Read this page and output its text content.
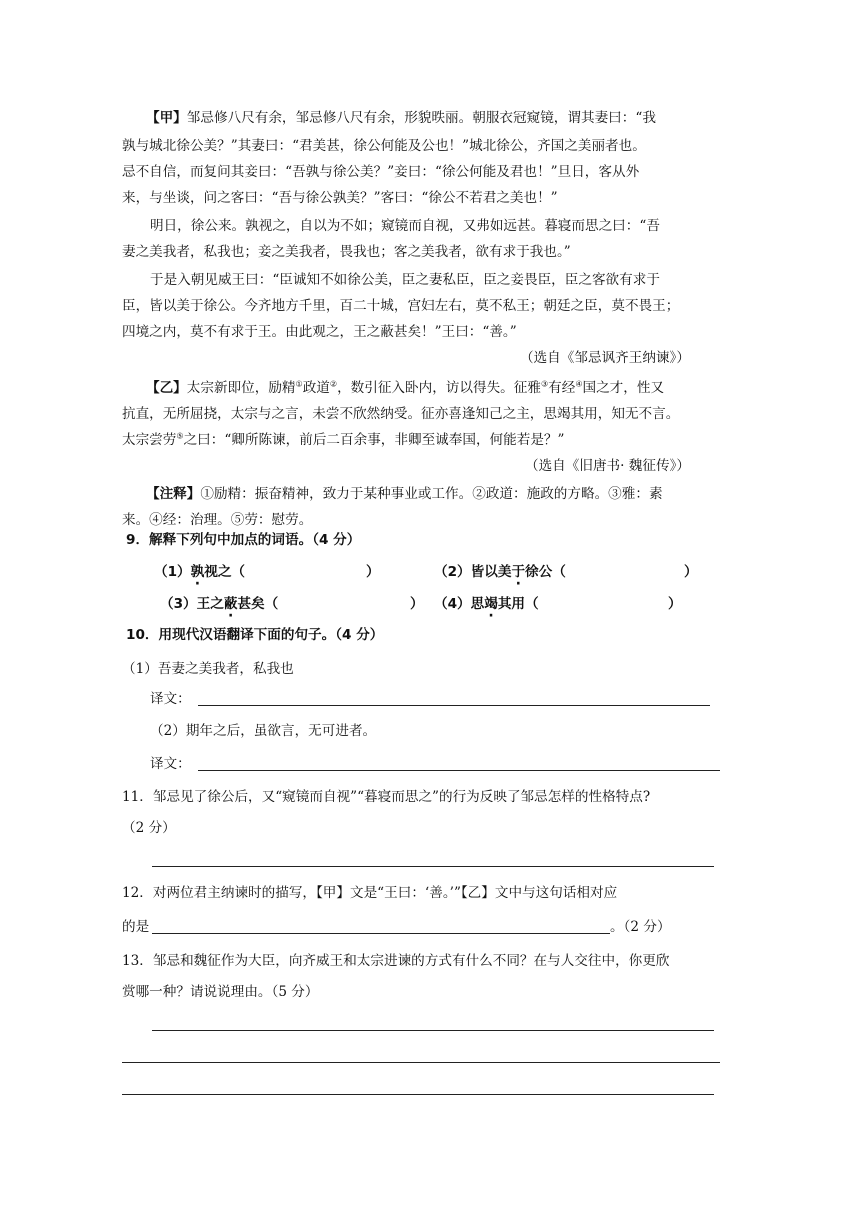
【甲】邹忌修八尺有余，邹忌修八尺有余，形貌昳丽。朝服衣冠窥镜，谓其妻曰：“我
孰与城北徐公美？”其妻曰：“君美甚，徐公何能及公也！”城北徐公，齐国之美丽者也。
忌不自信，而复问其妾曰：“吾孰与徐公美？”妾曰：“徐公何能及君也！”旦日，客从外
来，与坐谈，问之客曰：“吾与徐公孰美？”客曰：“徐公不若君之美也！”
明日，徐公来。孰视之，自以为不如；窥镜而自视，又弗如远甚。暮寝而思之曰：“吾
妻之美我者，私我也；妾之美我者，畏我也；客之美我者，欲有求于我也。”
于是入朝见威王曰：“臣诚知不如徐公美，臣之妻私臣，臣之妾畏臣，臣之客欲有求于
臣，皆以美于徐公。今齐地方千里，百二十城，宫妇左右，莫不私王；朝廷之臣，莫不畏王；
四境之内，莫不有求于王。由此观之，王之蔽甚矣！”王曰：“善。”
（选自《邹忌讽齐王纳谏》）
【乙】太宗新即位，励精①政道②，数引征入卧内，访以得失。征雅③有经④国之才，性又
抗直，无所屈挠，太宗与之言，未尝不欣然纳受。征亦喜逢知己之主，思竭其用，知无不言。
太宗尝劳⑤之曰：“卿所陈谏，前后二百余事，非卿至诚奉国，何能若是？”
（选自《旧唐书· 魏征传》）
【注释】①励精：振奋精神，致力于某种事业或工作。②政道：施政的方略。③雅：素
来。④经：治理。⑤劳：慰劳。
9．解释下列句中加点的词语。（4 分）
（1）孰视之（	）	（2）皆以美于徐公（	）
（3）王之蔽甚矣（	） （4）思竭其用（	）
10．用现代汉语翻译下面的句子。（4 分）
（1）吾妻之美我者，私我也
译文：
（2）期年之后，虽欲言，无可进者。
译文：
11．邹忌见了徐公后，又“窥镜而自视”“暮寝而思之”的行为反映了邹忌怎样的性格特点?
（2 分）
12．对两位君主纳谏时的描写，【甲】文是“王曰：‘善。’”【乙】文中与这句话相对应
的是	。（2 分）
13．邹忌和魏征作为大臣，向齐威王和太宗进谏的方式有什么不同？在与人交往中，你更欣
赏哪一种？请说说理由。（5 分）
